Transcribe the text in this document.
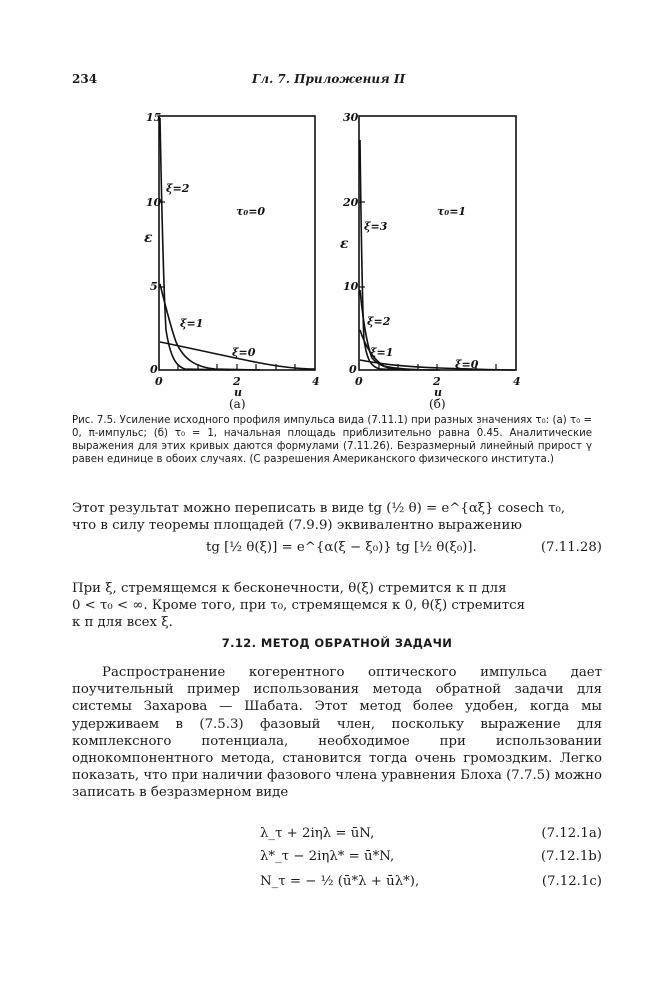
234	Гл. 7. Приложения II
15
10
5
0
0	2	4
u
ε
τ₀=0
ξ=2
ξ=1
ξ=0
(a)
30
20
10
0
0	2	4
u
ε
τ₀=1
ξ=3
ξ=2
ξ=1
ξ=0
(б)
Рис. 7.5. Усиление исходного профиля импульса вида (7.11.1) при разных значениях τ₀: (a) τ₀ = 0, π-импульс; (б) τ₀ = 1, начальная площадь приблизительно равна 0.45. Аналитические выражения для этих кривых даются формулами (7.11.26). Безразмерный линейный прирост γ равен единице в обоих случаях. (С разрешения Американского физического института.)
Этот результат можно переписать в виде tg (½ θ) = e^{αξ} cosech τ₀,
что в силу теоремы площадей (7.9.9) эквивалентно выражению
tg [½ θ(ξ)] = e^{α(ξ − ξ₀)} tg [½ θ(ξ₀)].	(7.11.28)
При ξ, стремящемся к бесконечности, θ(ξ) стремится к π для
0 < τ₀ < ∞. Кроме того, при τ₀, стремящемся к 0, θ(ξ) стремится
к π для всех ξ.
7.12. МЕТОД ОБРАТНОЙ ЗАДАЧИ
Распространение когерентного оптического импульса дает поучительный пример использования метода обратной задачи для системы Захарова — Шабата. Этот метод более удобен, когда мы удерживаем в (7.5.3) фазовый член, поскольку выражение для комплексного потенциала, необходимое при использовании однокомпонентного метода, становится тогда очень громоздким. Легко показать, что при наличии фазового члена уравнения Блоха (7.7.5) можно записать в безразмерном виде
λ_τ + 2iηλ = ūN,	(7.12.1a)
λ*_τ − 2iηλ* = ū*N,	(7.12.1b)
N_τ = − ½ (ū*λ + ūλ*),	(7.12.1c)
